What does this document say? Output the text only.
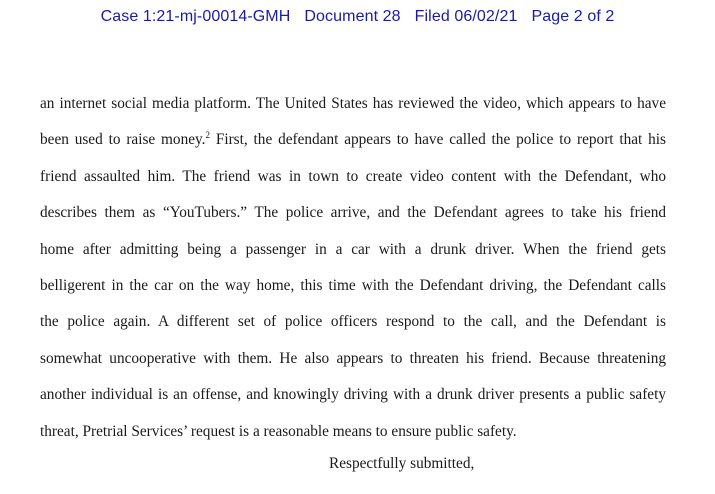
Case 1:21-mj-00014-GMH Document 28 Filed 06/02/21 Page 2 of 2
an internet social media platform. The United States has reviewed the video, which appears to have
been used to raise money.$^2$ First, the defendant appears to have called the police to report that his
friend assaulted him. The friend was in town to create video content with the Defendant, who
describes them as “YouTubers.” The police arrive, and the Defendant agrees to take his friend
home after admitting being a passenger in a car with a drunk driver. When the friend gets
belligerent in the car on the way home, this time with the Defendant driving, the Defendant calls
the police again. A different set of police officers respond to the call, and the Defendant is
somewhat uncooperative with them. He also appears to threaten his friend. Because threatening
another individual is an offense, and knowingly driving with a drunk driver presents a public safety
threat, Pretrial Services’ request is a reasonable means to ensure public safety.
Respectfully submitted,
